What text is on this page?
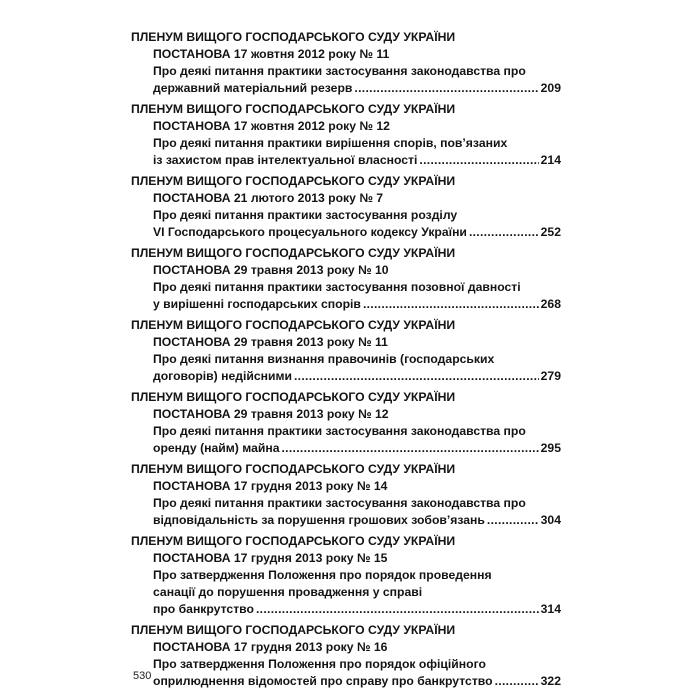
ПЛЕНУМ ВИЩОГО ГОСПОДАРСЬКОГО СУДУ УКРАЇНИ
ПОСТАНОВА 17 жовтня 2012 року № 11
Про деякі питання практики застосування законодавства про
державний матеріальний резерв .....	209
ПЛЕНУМ ВИЩОГО ГОСПОДАРСЬКОГО СУДУ УКРАЇНИ
ПОСТАНОВА 17 жовтня 2012 року № 12
Про деякі питання практики вирішення спорів, пов’язаних
із захистом прав інтелектуальної власності .....	214
ПЛЕНУМ ВИЩОГО ГОСПОДАРСЬКОГО СУДУ УКРАЇНИ
ПОСТАНОВА 21 лютого 2013 року № 7
Про деякі питання практики застосування розділу
VI Господарського процесуального кодексу України .....	252
ПЛЕНУМ ВИЩОГО ГОСПОДАРСЬКОГО СУДУ УКРАЇНИ
ПОСТАНОВА 29 травня 2013 року № 10
Про деякі питання практики застосування позовної давності
у вирішенні господарських спорів .....	268
ПЛЕНУМ ВИЩОГО ГОСПОДАРСЬКОГО СУДУ УКРАЇНИ
ПОСТАНОВА 29 травня 2013 року № 11
Про деякі питання визнання правочинів (господарських
договорів) недійсними .....	279
ПЛЕНУМ ВИЩОГО ГОСПОДАРСЬКОГО СУДУ УКРАЇНИ
ПОСТАНОВА 29 травня 2013 року № 12
Про деякі питання практики застосування законодавства про
оренду (найм) майна .....	295
ПЛЕНУМ ВИЩОГО ГОСПОДАРСЬКОГО СУДУ УКРАЇНИ
ПОСТАНОВА 17 грудня 2013 року № 14
Про деякі питання практики застосування законодавства про
відповідальність за порушення грошових зобов’язань .....	304
ПЛЕНУМ ВИЩОГО ГОСПОДАРСЬКОГО СУДУ УКРАЇНИ
ПОСТАНОВА 17 грудня 2013 року № 15
Про затвердження Положення про порядок проведення
санації до порушення провадження у справі
про банкрутство .....	314
ПЛЕНУМ ВИЩОГО ГОСПОДАРСЬКОГО СУДУ УКРАЇНИ
ПОСТАНОВА 17 грудня 2013 року № 16
Про затвердження Положення про порядок офіційного
оприлюднення відомостей про справу про банкрутство .....	322
530
